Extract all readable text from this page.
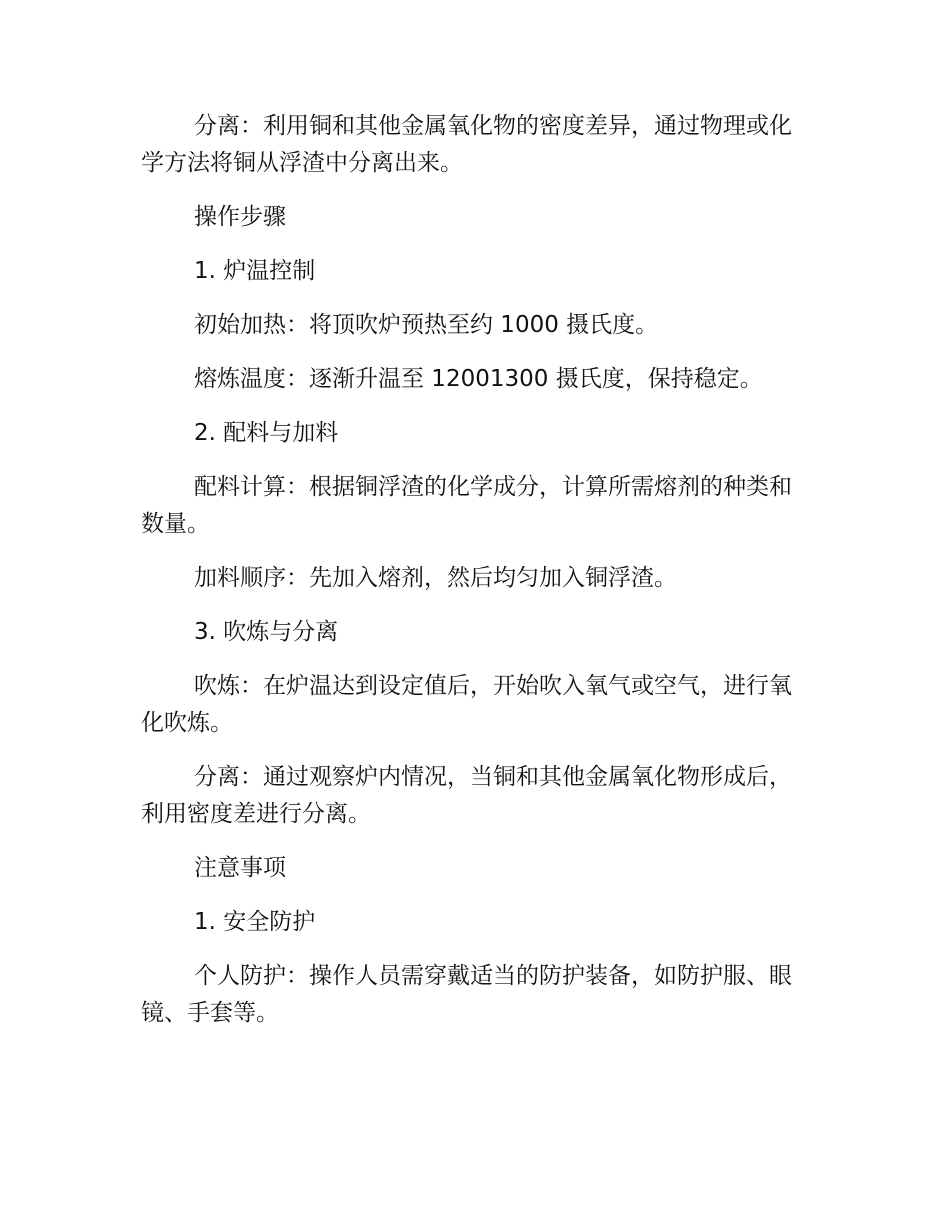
分离：利用铜和其他金属氧化物的密度差异，通过物理或化学方法将铜从浮渣中分离出来。

操作步骤

1. 炉温控制

初始加热：将顶吹炉预热至约 1000 摄氏度。

熔炼温度：逐渐升温至 12001300 摄氏度，保持稳定。

2. 配料与加料

配料计算：根据铜浮渣的化学成分，计算所需熔剂的种类和数量。

加料顺序：先加入熔剂，然后均匀加入铜浮渣。

3. 吹炼与分离

吹炼：在炉温达到设定值后，开始吹入氧气或空气，进行氧化吹炼。

分离：通过观察炉内情况，当铜和其他金属氧化物形成后，利用密度差进行分离。

注意事项

1. 安全防护

个人防护：操作人员需穿戴适当的防护装备，如防护服、眼镜、手套等。
